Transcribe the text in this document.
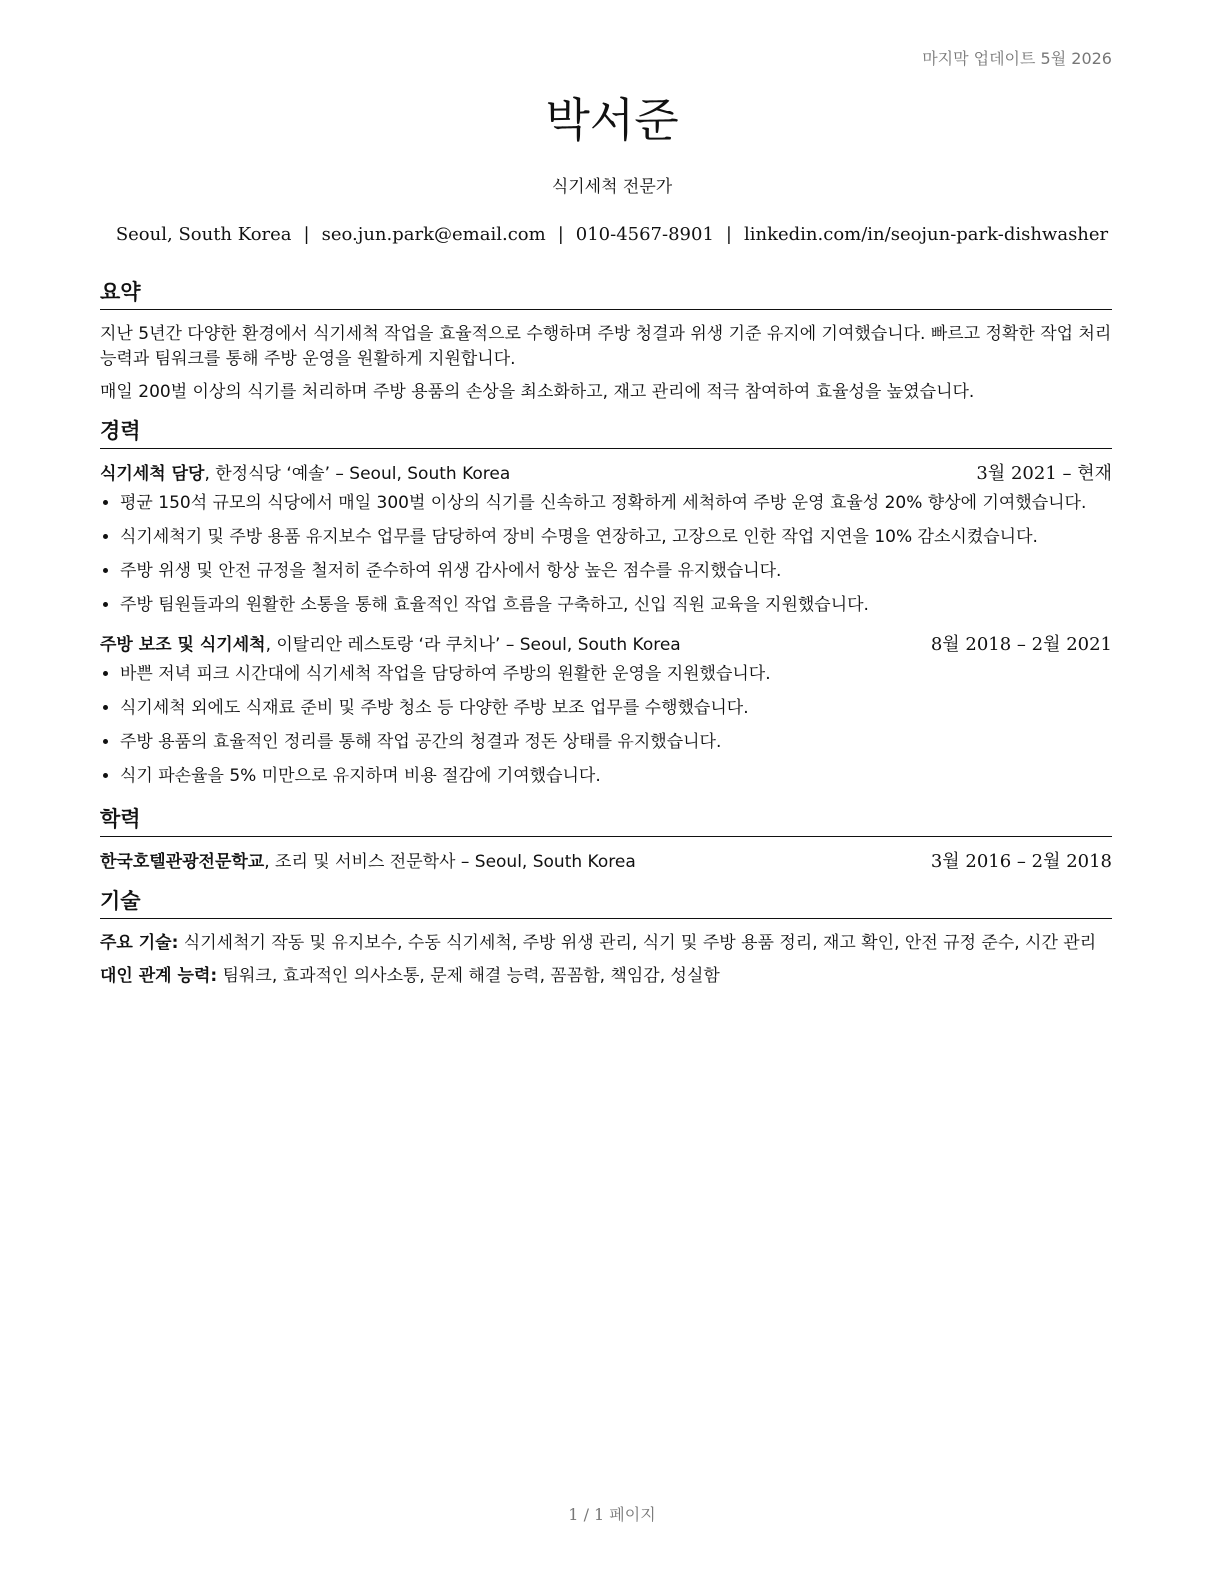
마지막 업데이트 5월 2026
박서준
식기세척 전문가
Seoul, South Korea | seo.jun.park@email.com | 010-4567-8901 | linkedin.com/in/seojun-park-dishwasher
요약

지난 5년간 다양한 환경에서 식기세척 작업을 효율적으로 수행하며 주방 청결과 위생 기준 유지에 기여했습니다. 빠르고 정확한 작업 처리 능력과 팀워크를 통해 주방 운영을 원활하게 지원합니다.

매일 200벌 이상의 식기를 처리하며 주방 용품의 손상을 최소화하고, 재고 관리에 적극 참여하여 효율성을 높였습니다.

경력
식기세척 담당, 한정식당 ‘예솔’ – Seoul, South Korea	3월 2021 – 현재
• 평균 150석 규모의 식당에서 매일 300벌 이상의 식기를 신속하고 정확하게 세척하여 주방 운영 효율성 20% 향상에 기여했습니다.
• 식기세척기 및 주방 용품 유지보수 업무를 담당하여 장비 수명을 연장하고, 고장으로 인한 작업 지연을 10% 감소시켰습니다.
• 주방 위생 및 안전 규정을 철저히 준수하여 위생 감사에서 항상 높은 점수를 유지했습니다.
• 주방 팀원들과의 원활한 소통을 통해 효율적인 작업 흐름을 구축하고, 신입 직원 교육을 지원했습니다.
주방 보조 및 식기세척, 이탈리안 레스토랑 ‘라 쿠치나’ – Seoul, South Korea	8월 2018 – 2월 2021
• 바쁜 저녁 피크 시간대에 식기세척 작업을 담당하여 주방의 원활한 운영을 지원했습니다.
• 식기세척 외에도 식재료 준비 및 주방 청소 등 다양한 주방 보조 업무를 수행했습니다.
• 주방 용품의 효율적인 정리를 통해 작업 공간의 청결과 정돈 상태를 유지했습니다.
• 식기 파손율을 5% 미만으로 유지하며 비용 절감에 기여했습니다.
학력
한국호텔관광전문학교, 조리 및 서비스 전문학사 – Seoul, South Korea	3월 2016 – 2월 2018
기술

주요 기술: 식기세척기 작동 및 유지보수, 수동 식기세척, 주방 위생 관리, 식기 및 주방 용품 정리, 재고 확인, 안전 규정 준수, 시간 관리

대인 관계 능력: 팀워크, 효과적인 의사소통, 문제 해결 능력, 꼼꼼함, 책임감, 성실함

1 / 1 페이지
